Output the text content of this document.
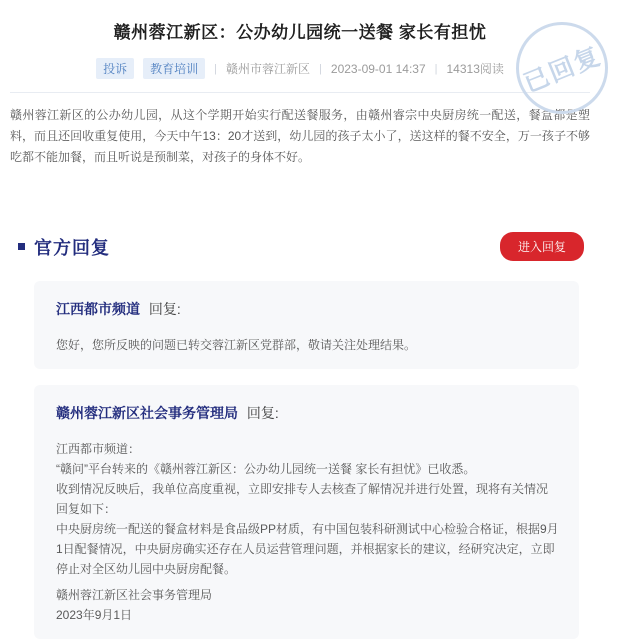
已回复
赣州蓉江新区：公办幼儿园统一送餐 家长有担忧
投诉	教育培训	| 赣州市蓉江新区 | 2023-09-01 14:37 | 14313阅读

赣州蓉江新区的公办幼儿园，从这个学期开始实行配送餐服务，由赣州睿宗中央厨房统一配送，餐盒都是塑料，而且还回收重复使用，今天中午13：20才送到，幼儿园的孩子太小了，送这样的餐不安全，万一孩子不够吃都不能加餐，而且听说是预制菜，对孩子的身体不好。

官方回复	进入回复
江西都市频道 回复:
您好，您所反映的问题已转交蓉江新区党群部，敬请关注处理结果。
赣州蓉江新区社会事务管理局 回复:
江西都市频道：
“赣问”平台转来的《赣州蓉江新区：公办幼儿园统一送餐 家长有担忧》已收悉。
收到情况反映后，我单位高度重视，立即安排专人去核查了解情况并进行处置，现将有关情况回复如下：
中央厨房统一配送的餐盒材料是食品级PP材质，有中国包装科研测试中心检验合格证，根据9月1日配餐情况，中央厨房确实还存在人员运营管理问题，并根据家长的建议，经研究决定，立即停止对全区幼儿园中央厨房配餐。
赣州蓉江新区社会事务管理局
2023年9月1日
